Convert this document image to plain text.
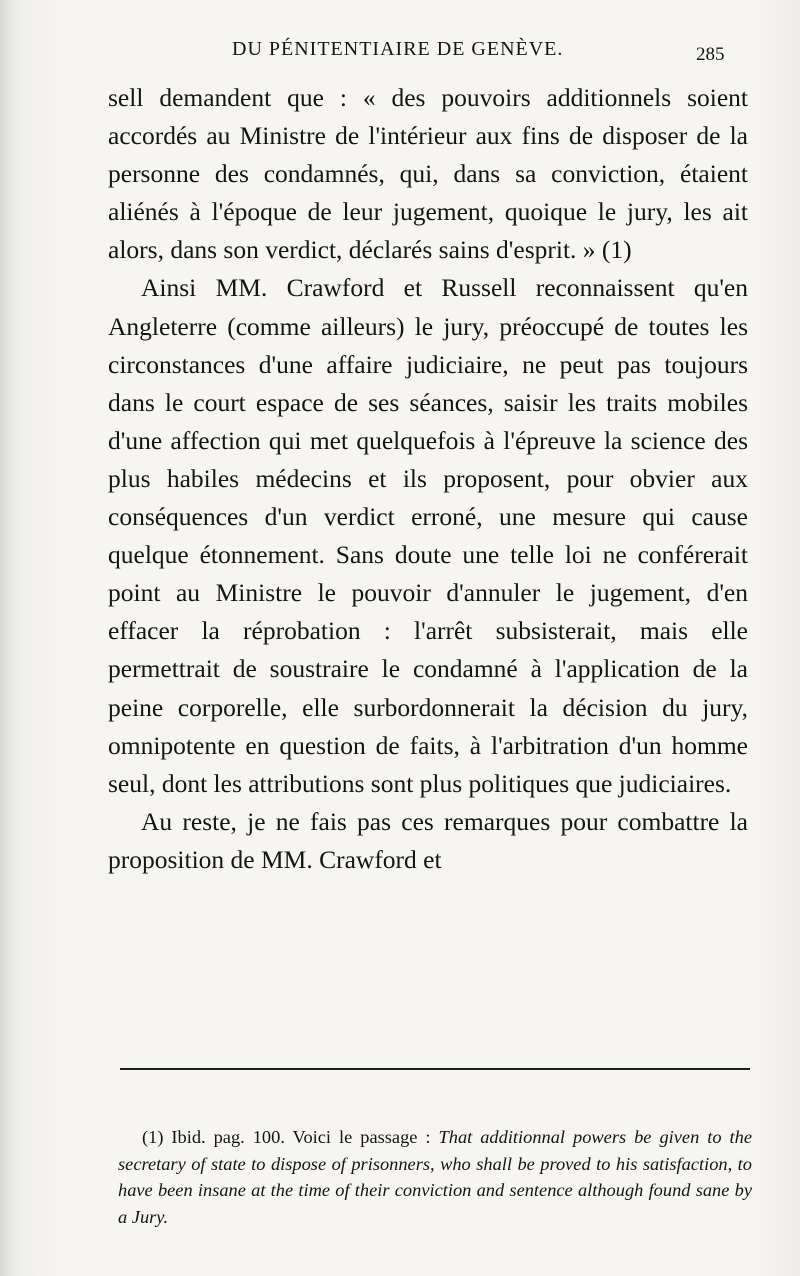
DU PÉNITENTIAIRE DE GENÈVE.	285

sell demandent que : « des pouvoirs additionnels soient accordés au Ministre de l'intérieur aux fins de disposer de la personne des condamnés, qui, dans sa conviction, étaient aliénés à l'époque de leur jugement, quoique le jury, les ait alors, dans son verdict, déclarés sains d'esprit. » (1)

Ainsi MM. Crawford et Russell reconnaissent qu'en Angleterre (comme ailleurs) le jury, préoccupé de toutes les circonstances d'une affaire judiciaire, ne peut pas toujours dans le court espace de ses séances, saisir les traits mobiles d'une affection qui met quelquefois à l'épreuve la science des plus habiles médecins et ils proposent, pour obvier aux conséquences d'un verdict erroné, une mesure qui cause quelque étonnement. Sans doute une telle loi ne conférerait point au Ministre le pouvoir d'annuler le jugement, d'en effacer la réprobation : l'arrêt subsisterait, mais elle permettrait de soustraire le condamné à l'application de la peine corporelle, elle surbordonnerait la décision du jury, omnipotente en question de faits, à l'arbitration d'un homme seul, dont les attributions sont plus politiques que judiciaires.

Au reste, je ne fais pas ces remarques pour combattre la proposition de MM. Crawford et

(1) Ibid. pag. 100. Voici le passage : That additionnal powers be given to the secretary of state to dispose of prisonners, who shall be proved to his satisfaction, to have been insane at the time of their conviction and sentence although found sane by a Jury.
